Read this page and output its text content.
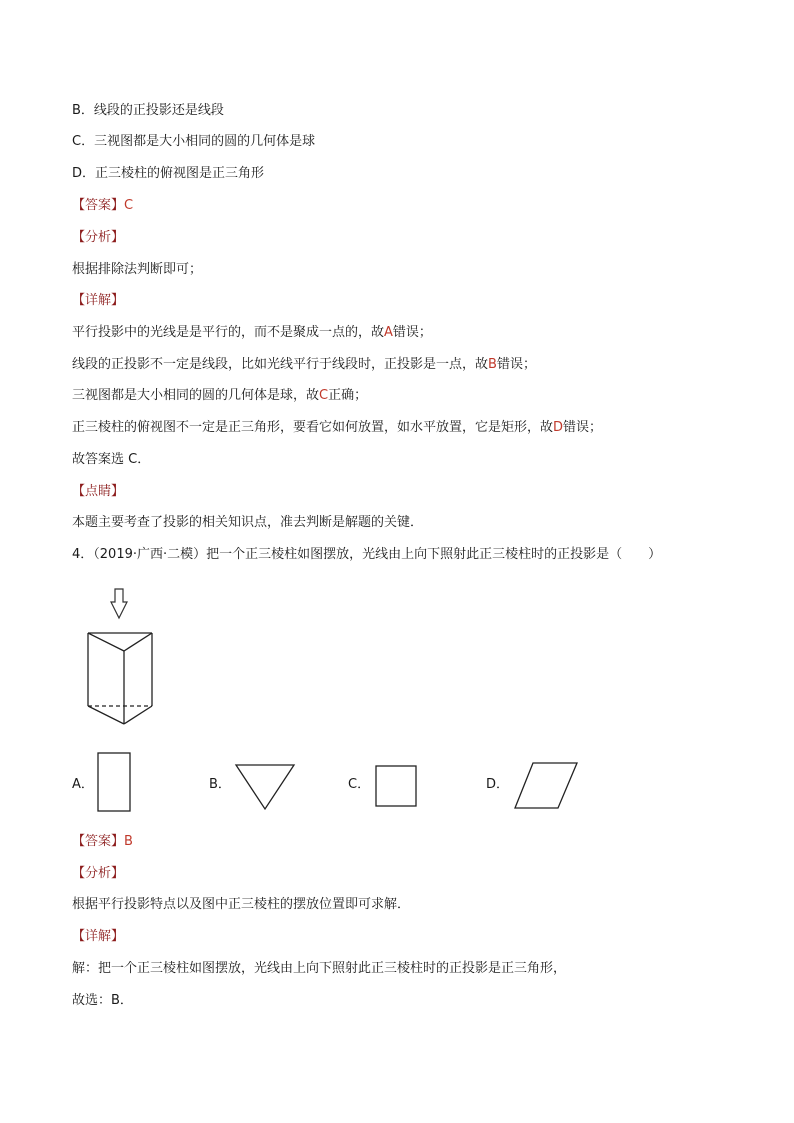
B．线段的正投影还是线段
C．三视图都是大小相同的圆的几何体是球
D．正三棱柱的俯视图是正三角形
【答案】C
【分析】
根据排除法判断即可；
【详解】
平行投影中的光线是是平行的，而不是聚成一点的，故A错误；
线段的正投影不一定是线段，比如光线平行于线段时，正投影是一点，故B错误；
三视图都是大小相同的圆的几何体是球，故C正确；
正三棱柱的俯视图不一定是正三角形，要看它如何放置，如水平放置，它是矩形，故D错误；
故答案选 C．
【点睛】
本题主要考查了投影的相关知识点，准去判断是解题的关键．
4．（2019·广西·二模）把一个正三棱柱如图摆放，光线由上向下照射此正三棱柱时的正投影是（　　）
A．	B．	C．	D．
【答案】B
【分析】
根据平行投影特点以及图中正三棱柱的摆放位置即可求解．
【详解】
解：把一个正三棱柱如图摆放，光线由上向下照射此正三棱柱时的正投影是正三角形，
故选：B．
